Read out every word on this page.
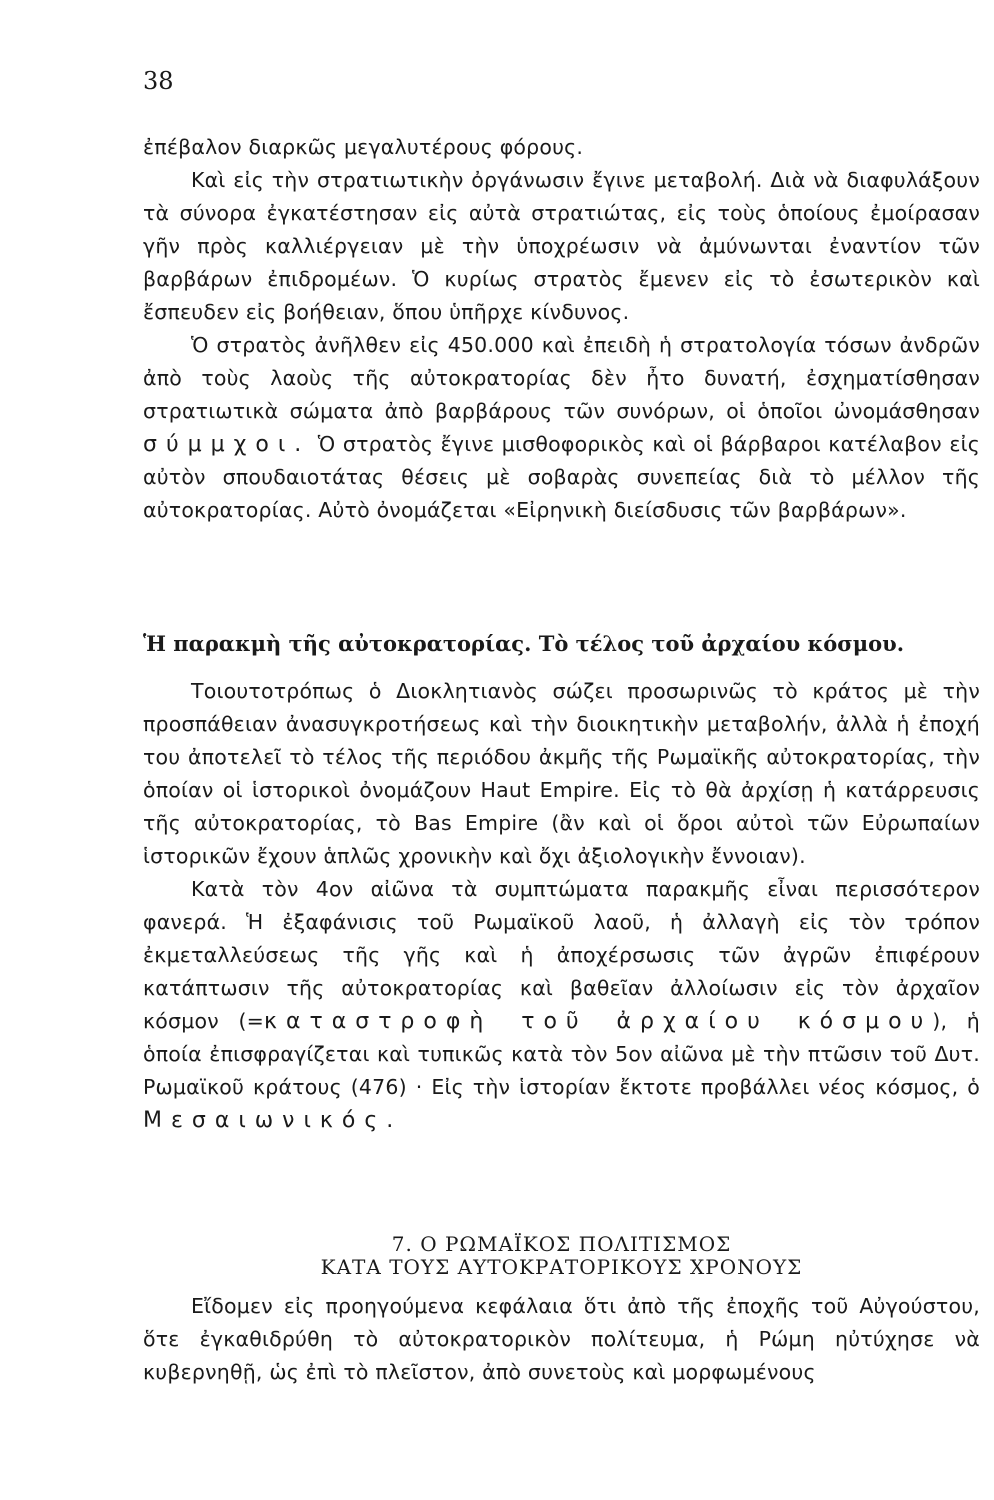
38

ἐπέβαλον διαρκῶς μεγαλυτέρους φόρους.

Καὶ εἰς τὴν στρατιωτικὴν ὀργάνωσιν ἔγινε μεταβολή. Διὰ νὰ διαφυλάξουν τὰ σύνορα ἐγκατέστησαν εἰς αὐτὰ στρατιώτας, εἰς τοὺς ὁποίους ἐμοίρασαν γῆν πρὸς καλλιέργειαν μὲ τὴν ὑποχρέωσιν νὰ ἀμύνωνται ἐναντίον τῶν βαρβάρων ἐπιδρομέων. Ὁ κυρίως στρατὸς ἔμενεν εἰς τὸ ἐσωτερικὸν καὶ ἔσπευδεν εἰς βοήθειαν, ὅπου ὑπῆρχε κίνδυνος.

Ὁ στρατὸς ἀνῆλθεν εἰς 450.000 καὶ ἐπειδὴ ἡ στρατολογία τόσων ἀνδρῶν ἀπὸ τοὺς λαοὺς τῆς αὐτοκρατορίας δὲν ἦτο δυνατή, ἐσχηματίσθησαν στρατιωτικὰ σώματα ἀπὸ βαρβάρους τῶν συνόρων, οἱ ὁποῖοι ὠνομάσθησαν σύμμχοι. Ὁ στρατὸς ἔγινε μισθοφορικὸς καὶ οἱ βάρβαροι κατέλαβον εἰς αὐτὸν σπουδαιοτάτας θέσεις μὲ σοβαρὰς συνεπείας διὰ τὸ μέλλον τῆς αὐτοκρατορίας. Αὐτὸ ὀνομάζεται «Εἰρηνικὴ διείσδυσις τῶν βαρβάρων».

Ἡ παρακμὴ τῆς αὐτοκρατορίας. Τὸ τέλος τοῦ ἀρχαίου κόσμου.

Τοιουτοτρόπως ὁ Διοκλητιανὸς σώζει προσωρινῶς τὸ κράτος μὲ τὴν προσπάθειαν ἀνασυγκροτήσεως καὶ τὴν διοικητικὴν μεταβολήν, ἀλλὰ ἡ ἐποχή του ἀποτελεῖ τὸ τέλος τῆς περιόδου ἀκμῆς τῆς Ρωμαϊκῆς αὐτοκρατορίας, τὴν ὁποίαν οἱ ἱστορικοὶ ὀνομάζουν Haut Empire. Εἰς τὸ θὰ ἀρχίσῃ ἡ κατάρρευσις τῆς αὐτοκρατορίας, τὸ Bas Empire (ἂν καὶ οἱ ὅροι αὐτοὶ τῶν Εὐρωπαίων ἱστορικῶν ἔχουν ἁπλῶς χρονικὴν καὶ ὄχι ἀξιολογικὴν ἔννοιαν).

Κατὰ τὸν 4ον αἰῶνα τὰ συμπτώματα παρακμῆς εἶναι περισσότερον φανερά. Ἡ ἐξαφάνισις τοῦ Ρωμαϊκοῦ λαοῦ, ἡ ἀλλαγὴ εἰς τὸν τρόπον ἐκμεταλλεύσεως τῆς γῆς καὶ ἡ ἀποχέρσωσις τῶν ἀγρῶν ἐπιφέρουν κατάπτωσιν τῆς αὐτοκρατορίας καὶ βαθεῖαν ἀλλοίωσιν εἰς τὸν ἀρχαῖον κόσμον (=καταστροφὴ τοῦ ἀρχαίου κόσμου), ἡ ὁποία ἐπισφραγίζεται καὶ τυπικῶς κατὰ τὸν 5ον αἰῶνα μὲ τὴν πτῶσιν τοῦ Δυτ. Ρωμαϊκοῦ κράτους (476) · Εἰς τὴν ἱστορίαν ἔκτοτε προβάλλει νέος κόσμος, ὁ Μεσαιωνικός.

7. Ο ΡΩΜΑΪΚΟΣ ΠΟΛΙΤΙΣΜΟΣ
ΚΑΤΑ ΤΟΥΣ ΑΥΤΟΚΡΑΤΟΡΙΚΟΥΣ ΧΡΟΝΟΥΣ

Εἴδομεν εἰς προηγούμενα κεφάλαια ὅτι ἀπὸ τῆς ἐποχῆς τοῦ Αὐγούστου, ὅτε ἐγκαθιδρύθη τὸ αὐτοκρατορικὸν πολίτευμα, ἡ Ρώμη ηὐτύχησε νὰ κυβερνηθῇ, ὡς ἐπὶ τὸ πλεῖστον, ἀπὸ συνετοὺς καὶ μορφωμένους
